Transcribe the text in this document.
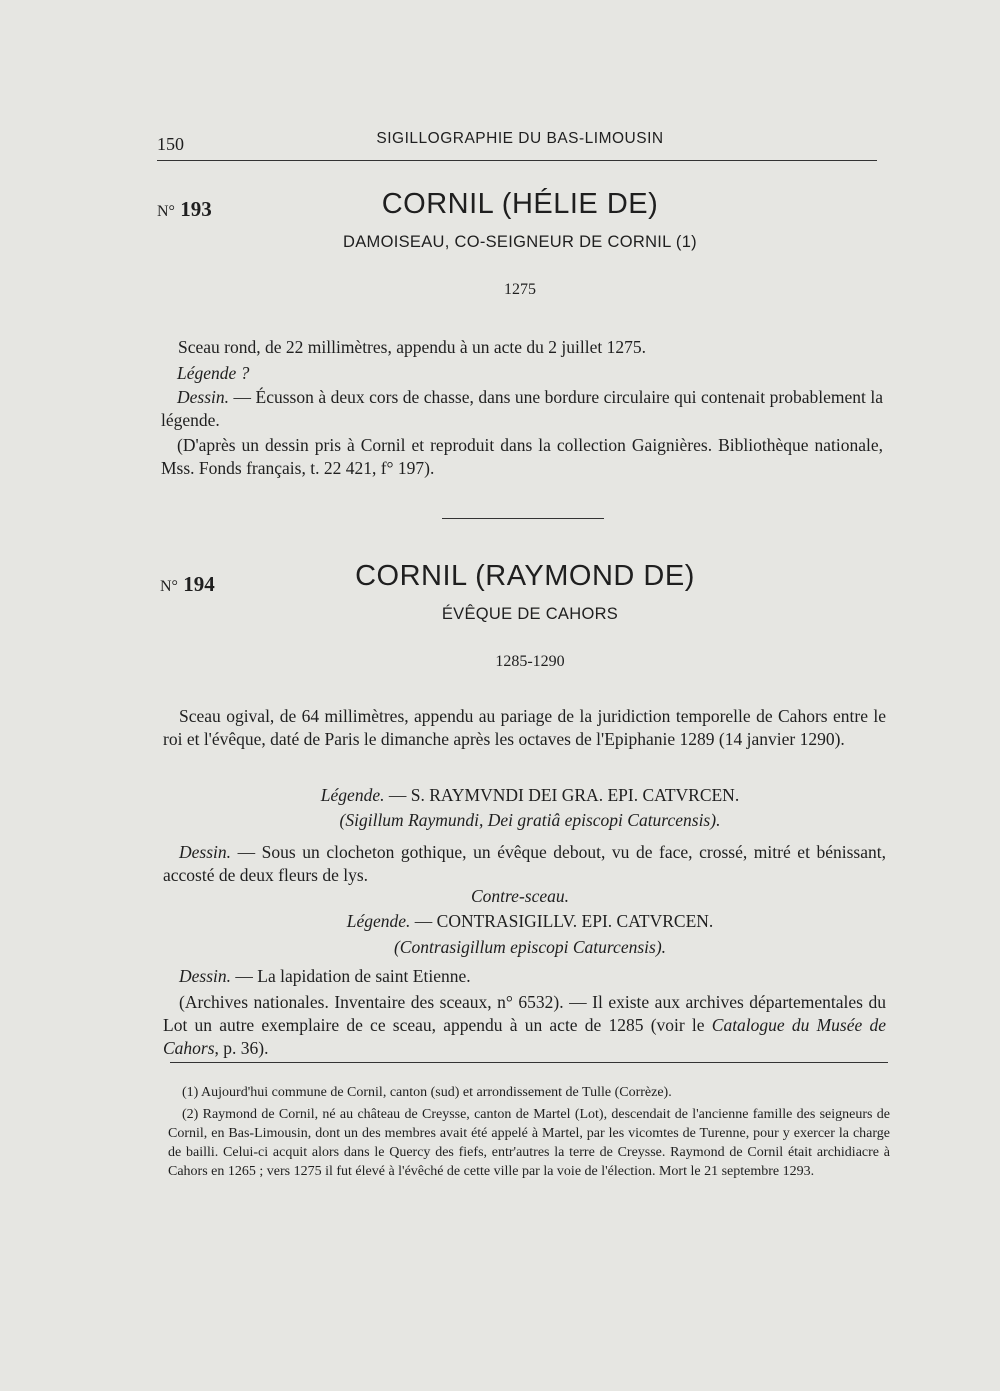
150	SIGILLOGRAPHIE DU BAS-LIMOUSIN
N° 193	CORNIL (HÉLIE DE)
DAMOISEAU, CO-SEIGNEUR DE CORNIL (1)
1275
Sceau rond, de 22 millimètres, appendu à un acte du 2 juillet 1275.
Légende ?
Dessin. — Écusson à deux cors de chasse, dans une bordure circulaire qui contenait probablement la légende.
(D'après un dessin pris à Cornil et reproduit dans la collection Gaignières. Bibliothèque nationale, Mss. Fonds français, t. 22 421, f° 197).
N° 194	CORNIL (RAYMOND DE)
ÉVÊQUE DE CAHORS
1285-1290
Sceau ogival, de 64 millimètres, appendu au pariage de la juridiction temporelle de Cahors entre le roi et l'évêque, daté de Paris le dimanche après les octaves de l'Epiphanie 1289 (14 janvier 1290).
Légende. — S. RAYMVNDI DEI GRA. EPI. CATVRCEN.
(Sigillum Raymundi, Dei gratiâ episcopi Caturcensis).
Dessin. — Sous un clocheton gothique, un évêque debout, vu de face, crossé, mitré et bénissant, accosté de deux fleurs de lys.
Contre-sceau.
Légende. — CONTRASIGILLV. EPI. CATVRCEN.
(Contrasigillum episcopi Caturcensis).
Dessin. — La lapidation de saint Etienne.
(Archives nationales. Inventaire des sceaux, n° 6532). — Il existe aux archives départementales du Lot un autre exemplaire de ce sceau, appendu à un acte de 1285 (voir le Catalogue du Musée de Cahors, p. 36).
(1) Aujourd'hui commune de Cornil, canton (sud) et arrondissement de Tulle (Corrèze).
(2) Raymond de Cornil, né au château de Creysse, canton de Martel (Lot), descendait de l'ancienne famille des seigneurs de Cornil, en Bas-Limousin, dont un des membres avait été appelé à Martel, par les vicomtes de Turenne, pour y exercer la charge de bailli. Celui-ci acquit alors dans le Quercy des fiefs, entr'autres la terre de Creysse. Raymond de Cornil était archidiacre à Cahors en 1265 ; vers 1275 il fut élevé à l'évêché de cette ville par la voie de l'élection. Mort le 21 septembre 1293.
